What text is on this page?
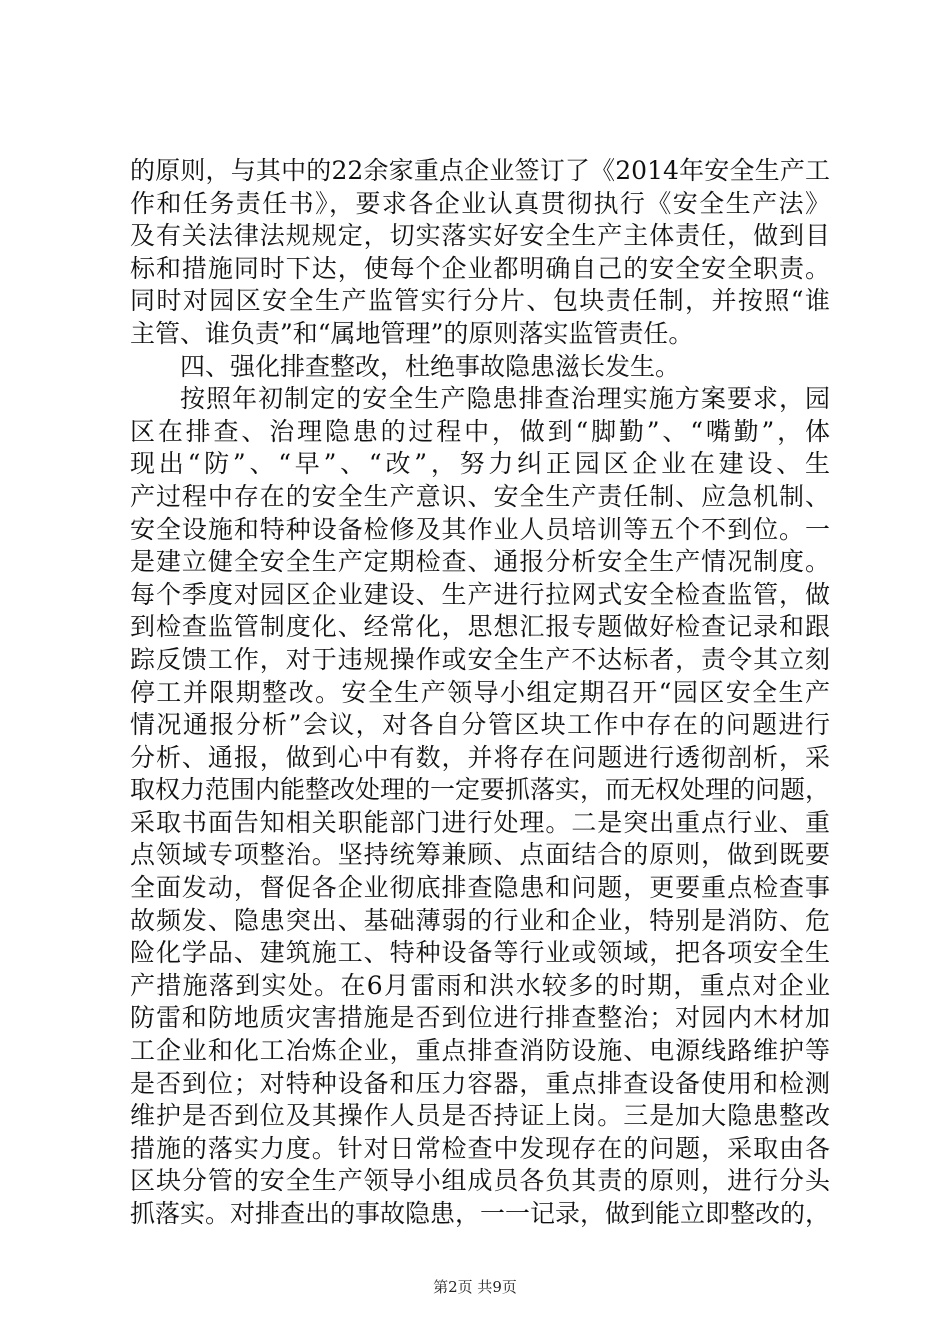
的原则，与其中的22余家重点企业签订了《2014年安全生产工
作和任务责任书》，要求各企业认真贯彻执行《安全生产法》
及有关法律法规规定，切实落实好安全生产主体责任，做到目
标和措施同时下达，使每个企业都明确自己的安全安全职责。
同时对园区安全生产监管实行分片、包块责任制，并按照“谁
主管、谁负责”和“属地管理”的原则落实监管责任。
四、强化排查整改，杜绝事故隐患滋长发生。
按照年初制定的安全生产隐患排查治理实施方案要求，园
区在排查、治理隐患的过程中，做到“脚勤”、“嘴勤”，体
现出“防”、“早”、“改”，努力纠正园区企业在建设、生
产过程中存在的安全生产意识、安全生产责任制、应急机制、
安全设施和特种设备检修及其作业人员培训等五个不到位。一
是建立健全安全生产定期检查、通报分析安全生产情况制度。
每个季度对园区企业建设、生产进行拉网式安全检查监管，做
到检查监管制度化、经常化，思想汇报专题做好检查记录和跟
踪反馈工作，对于违规操作或安全生产不达标者，责令其立刻
停工并限期整改。安全生产领导小组定期召开“园区安全生产
情况通报分析”会议，对各自分管区块工作中存在的问题进行
分析、通报，做到心中有数，并将存在问题进行透彻剖析，采
取权力范围内能整改处理的一定要抓落实，而无权处理的问题，
采取书面告知相关职能部门进行处理。二是突出重点行业、重
点领域专项整治。坚持统筹兼顾、点面结合的原则，做到既要
全面发动，督促各企业彻底排查隐患和问题，更要重点检查事
故频发、隐患突出、基础薄弱的行业和企业，特别是消防、危
险化学品、建筑施工、特种设备等行业或领域，把各项安全生
产措施落到实处。在6月雷雨和洪水较多的时期，重点对企业
防雷和防地质灾害措施是否到位进行排查整治；对园内木材加
工企业和化工冶炼企业，重点排查消防设施、电源线路维护等
是否到位；对特种设备和压力容器，重点排查设备使用和检测
维护是否到位及其操作人员是否持证上岗。三是加大隐患整改
措施的落实力度。针对日常检查中发现存在的问题，采取由各
区块分管的安全生产领导小组成员各负其责的原则，进行分头
抓落实。对排查出的事故隐患，一一记录，做到能立即整改的，
第2页 共9页
